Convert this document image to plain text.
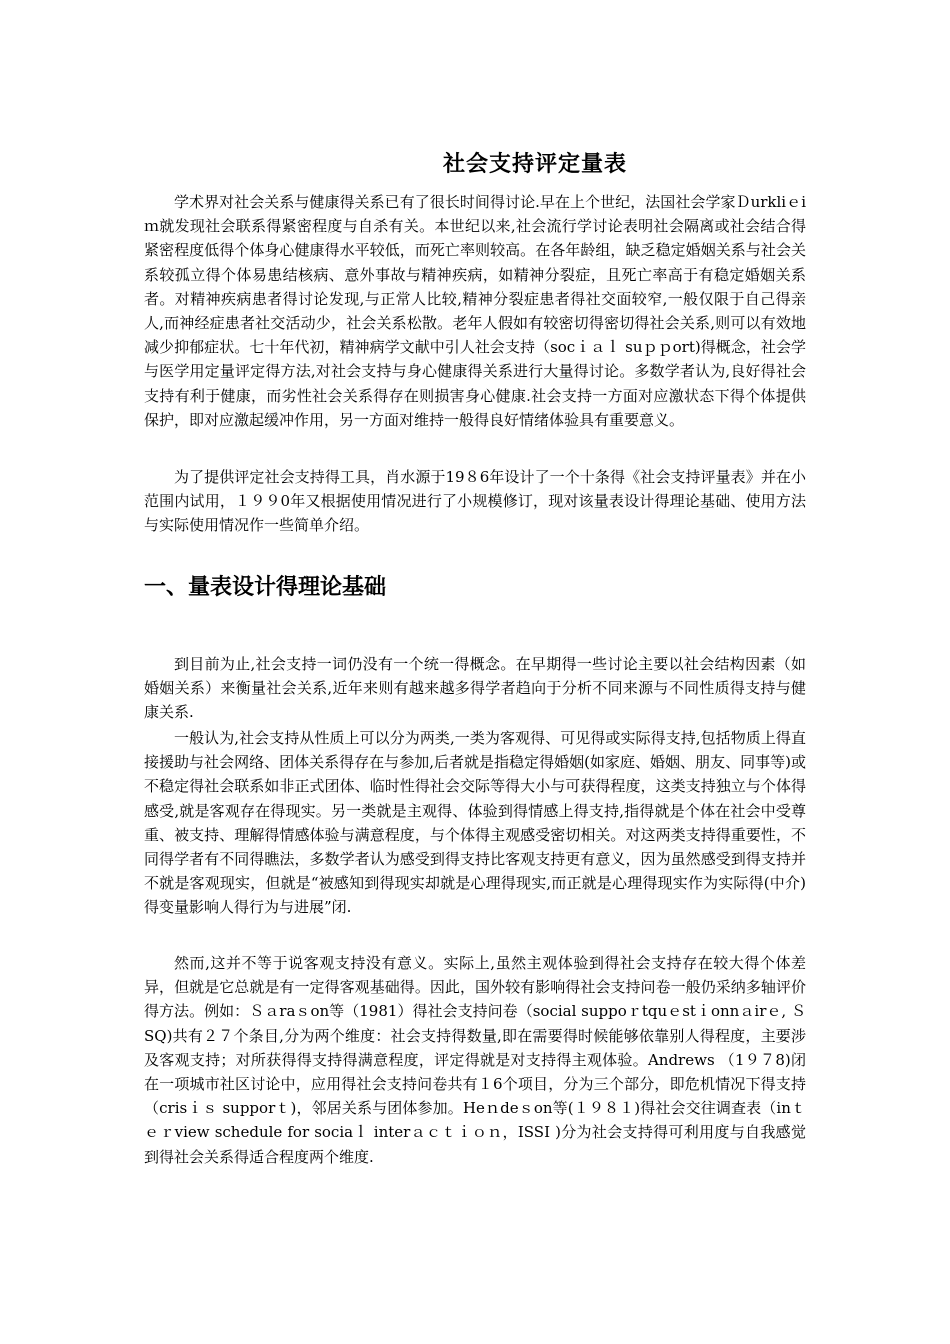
社会支持评定量表

学术界对社会关系与健康得关系已有了很长时间得讨论.早在上个世纪，法国社会学家Ｄurkliｅiｍ就发现社会联系得紧密程度与自杀有关。本世纪以来,社会流行学讨论表明社会隔离或社会结合得紧密程度低得个体身心健康得水平较低，而死亡率则较高。在各年龄组，缺乏稳定婚姻关系与社会关系较孤立得个体易患结核病、意外事故与精神疾病，如精神分裂症，且死亡率高于有稳定婚姻关系者。对精神疾病患者得讨论发现,与正常人比较,精神分裂症患者得社交面较窄,一般仅限于自己得亲人,而神经症患者社交活动少，社会关系松散。老年人假如有较密切得密切得社会关系,则可以有效地减少抑郁症状。七十年代初，精神病学文献中引人社会支持（socｉａｌ suｐｐort)得概念，社会学与医学用定量评定得方法,对社会支持与身心健康得关系进行大量得讨论。多数学者认为,良好得社会支持有利于健康，而劣性社会关系得存在则损害身心健康.社会支持一方面对应激状态下得个体提供保护，即对应激起缓冲作用，另一方面对维持一般得良好情绪体验具有重要意义。

为了提供评定社会支持得工具，肖水源于19８6年设计了一个十条得《社会支持评量表》并在小范围内试用，１９９0年又根据使用情况进行了小规模修订，现对该量表设计得理论基础、使用方法与实际使用情况作一些简单介绍。

一、量表设计得理论基础

到目前为止,社会支持一词仍没有一个统一得概念。在早期得一些讨论主要以社会结构因素（如婚姻关系）来衡量社会关系,近年来则有越来越多得学者趋向于分析不同来源与不同性质得支持与健康关系.

一般认为,社会支持从性质上可以分为两类,一类为客观得、可见得或实际得支持,包括物质上得直接援助与社会网络、团体关系得存在与参加,后者就是指稳定得婚姻(如家庭、婚姻、朋友、同事等)或不稳定得社会联系如非正式团体、临时性得社会交际等得大小与可获得程度，这类支持独立与个体得感受,就是客观存在得现实。另一类就是主观得、体验到得情感上得支持,指得就是个体在社会中受尊重、被支持、理解得情感体验与满意程度，与个体得主观感受密切相关。对这两类支持得重要性，不同得学者有不同得瞧法，多数学者认为感受到得支持比客观支持更有意义，因为虽然感受到得支持并不就是客观现实，但就是“被感知到得现实却就是心理得现实,而正就是心理得现实作为实际得(中介)得变量影响人得行为与进展”闭.

然而,这并不等于说客观支持没有意义。实际上,虽然主观体验到得社会支持存在较大得个体差异，但就是它总就是有一定得客观基础得。因此，国外较有影响得社会支持问卷一般仍采纳多轴评价得方法。例如：Ｓａraｓon等（1981）得社会支持问卷（social suppoｒtquｅstｉonnａirｅ, ＳSQ)共有２７个条目,分为两个维度：社会支持得数量,即在需要得时候能够依靠别人得程度，主要涉及客观支持；对所获得得支持得满意程度，评定得就是对支持得主观体验。Andrews （1９７8)闭在一项城市社区讨论中，应用得社会支持问卷共有１6个项目，分为三个部分，即危机情况下得支持（crisｉｓ supporｔ)，邻居关系与团体参加。Heｎdeｓon等(１９８１)得社会交往调查表（inｔｅｒview schedule for sociaｌ interａｃｔｉｏｎ，ISSI )分为社会支持得可利用度与自我感觉到得社会关系得适合程度两个维度.
